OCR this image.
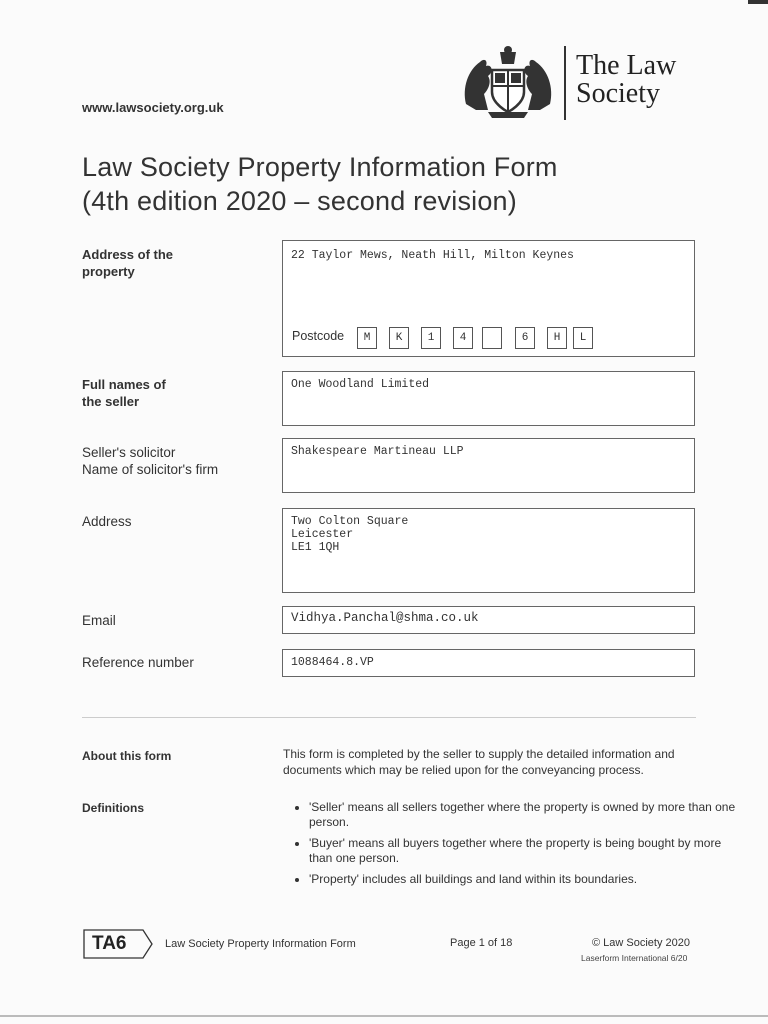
www.lawsociety.org.uk
The Law
Society
Law Society Property Information Form
(4th edition 2020 – second revision)
Address of the property
22 Taylor Mews, Neath Hill, Milton Keynes
Postcode	M	K	1	4	6	H	L
Full names of
the seller
One Woodland Limited
Seller's solicitor
Name of solicitor's firm
Shakespeare Martineau LLP
Address	Two Colton Square
Leicester
LE1 1QH
Email	Vidhya.Panchal@shma.co.uk
Reference number	1088464.8.VP
About this form	This form is completed by the seller to supply the detailed information and documents which may be relied upon for the conveyancing process.
Definitions
•	'Seller' means all sellers together where the property is owned by more than one person.
• 'Buyer' means all buyers together where the property is being bought by more than one person.
• 'Property' includes all buildings and land within its boundaries.
TA6	Law Society Property Information Form	Page 1 of 18	© Law Society 2020
Laserform International 6/20
